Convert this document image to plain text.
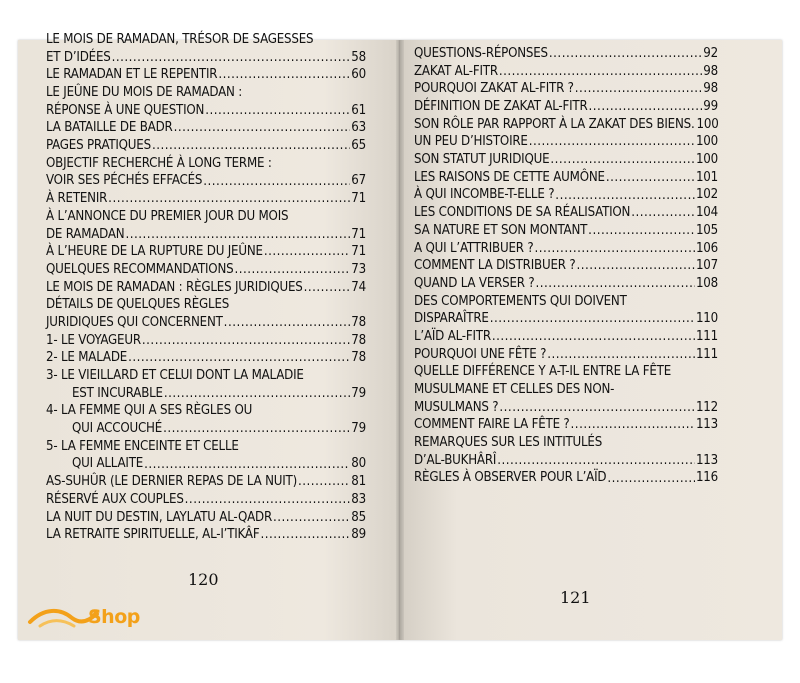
LE MOIS DE RAMADAN, TRÉSOR DE SAGESSES
ET D’IDÉES .....	58
LE RAMADAN ET LE REPENTIR .....	60
LE JEÛNE DU MOIS DE RAMADAN :
RÉPONSE À UNE QUESTION .....	61
LA BATAILLE DE BADR .....	63
PAGES PRATIQUES .....	65
OBJECTIF RECHERCHÉ À LONG TERME :
VOIR SES PÉCHÉS EFFACÉS .....	67
À RETENIR .....	71
À L’ANNONCE DU PREMIER JOUR DU MOIS
DE RAMADAN .....	71
À L’HEURE DE LA RUPTURE DU JEÛNE .....	71
QUELQUES RECOMMANDATIONS .....	73
LE MOIS DE RAMADAN : RÈGLES JURIDIQUES .....	74
DÉTAILS DE QUELQUES RÈGLES
JURIDIQUES QUI CONCERNENT .....	78
1- LE VOYAGEUR .....	78
2- LE MALADE .....	78
3- LE VIEILLARD ET CELUI DONT LA MALADIE
EST INCURABLE .....	79
4- LA FEMME QUI A SES RÈGLES OU
QUI ACCOUCHÉ .....	79
5- LA FEMME ENCEINTE ET CELLE
QUI ALLAITE .....	80
AS-SUHÛR (LE DERNIER REPAS DE LA NUIT) .....	81
RÉSERVÉ AUX COUPLES .....	83
LA NUIT DU DESTIN, LAYLATU AL-QADR .....	85
LA RETRAITE SPIRITUELLE, AL-I’TIKÂF .....	89
QUESTIONS-RÉPONSES .....	92
ZAKAT AL-FITR .....	98
POURQUOI ZAKAT AL-FITR ? .....	98
DÉFINITION DE ZAKAT AL-FITR .....	99
SON RÔLE PAR RAPPORT À LA ZAKAT DES BIENS. 100
UN PEU D’HISTOIRE .....	100
SON STATUT JURIDIQUE .....	100
LES RAISONS DE CETTE AUMÔNE .....	101
À QUI INCOMBE-T-ELLE ? .....	102
LES CONDITIONS DE SA RÉALISATION .....	104
SA NATURE ET SON MONTANT .....	105
A QUI L’ATTRIBUER ? .....	106
COMMENT LA DISTRIBUER ? .....	107
QUAND LA VERSER ? .....	108
DES COMPORTEMENTS QUI DOIVENT
DISPARAÎTRE .....	110
L’AÏD AL-FITR .....	111
POURQUOI UNE FÊTE ? .....	111
QUELLE DIFFÉRENCE Y A-T-IL ENTRE LA FÊTE
MUSULMANE ET CELLES DES NON-
MUSULMANS ? .....	112
COMMENT FAIRE LA FÊTE ? .....	113
REMARQUES SUR LES INTITULÉS
D’AL-BUKHÂRÎ .....	113
RÈGLES À OBSERVER POUR L’AÏD .....	116
120
121
Shop
